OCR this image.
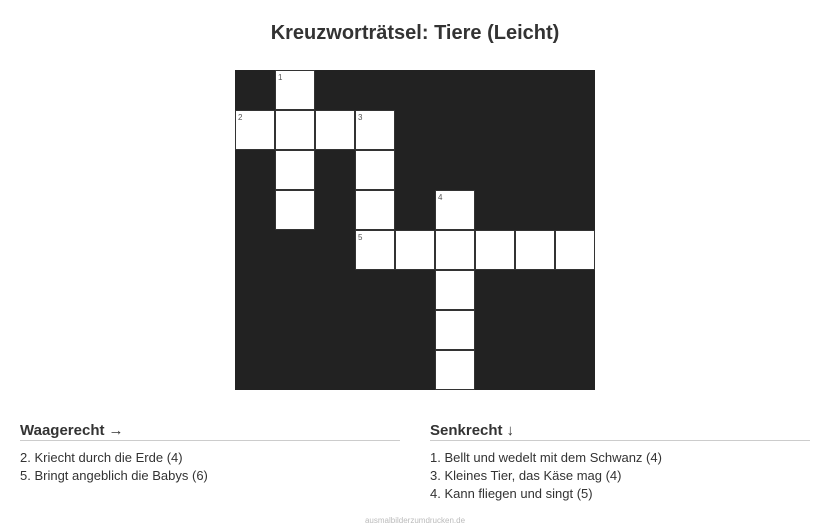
Kreuzworträtsel: Tiere (Leicht)
1
2	3
4
5
Waagerecht →
2. Kriecht durch die Erde (4)
5. Bringt angeblich die Babys (6)
Senkrecht ↓
1. Bellt und wedelt mit dem Schwanz (4)
3. Kleines Tier, das Käse mag (4)
4. Kann fliegen und singt (5)
ausmalbilderzumdrucken.de
